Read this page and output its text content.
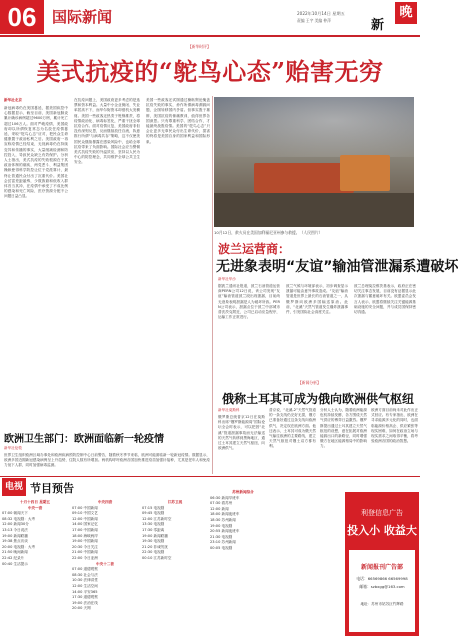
06	国际新闻	2022年10月14日 星期五
责编 王宇 美编 仲萍	新
晚
【新华时评】
美式抗疫的“鸵鸟心态”贻害无穷
新华社北京
新冠病毒仍在美国蔓延，据美国疾控中心数据显示，截至目前，美国新冠肺炎累计确诊病例超过9600万例，累计死亡超过106万人。面对严峻疫情，美国政府却以所谓恢复常态为名放任疫情蔓延，采取“鸵鸟心态”应对，把民众生命健康置于政治私利之后。美国政府一再宣称疫情已经结束，无视病毒仍在持续变异和传播的事实，大量削减检测和防控投入，导致民众缺乏有效保护。分析人士指出，美式抗疫的失败根源在于其政治体制的痼疾，两党恶斗、利益集团操纵使得科学防控让位于党派算计，最终让普通民众付出了沉重代价。美国社会贫富差距悬殊，少数族裔和低收入群体首当其冲，在疫情中承受了不成比例的感染和死亡风险，医疗资源分配不公问题日益凸显。
在抗疫问题上，美国政府更多考虑的是选票和资本利益。大量中小企业倒闭、失业率居高不下，而华尔街资本却借机大发横财。美国一些政客还热衷于甩锅推责，将疫情政治化、病毒标签化，严重干扰全球抗疫合作。面对疫情反复，美国政府非但没有深刻反思，反而继续放任自流，执意推行所谓“与病毒共存”策略，这不仅使美国民众继续暴露在感染风险中，也给全球抗疫带来了负面影响。国际社会应当警惕美式抗疫失败的外溢效应，坚持以人民为中心的防控理念，共同维护全球公共卫生安全。
美国一些政客还试图通过操纵舆论掩盖抗疫失败的事实，炒作所谓病毒溯源问题，企图转移国内矛盾。但事实胜于雄辩，美国抗疫的惨痛教训，值得世界各国深思。只有尊重科学、团结合作，才能最终战胜疫情。美国的“鸵鸟心态”只会让更多无辜民众付出生命代价，损害的终将是美国自身的国家利益和国际形象。
10月12日，救火员在美国加利福尼亚州参与救援。（人民图片）
欧洲卫生部门：欧洲面临新一轮疫情
新华社伦敦
世界卫生组织欧洲区域办事处和欧洲疾病预防控制中心日前警告，随着秋冬季节来临，欧洲可能面临新一轮新冠疫情。数据显示，欧洲多国近期新冠感染病例呈上升趋势，住院人数有所增加。两机构呼吁欧洲各国加快推进疫苗加强针接种，尤其是老年人和免疫力低下人群，同时加强病毒监测。
波兰运营商：
无进象表明“友谊”输油管泄漏系遭破坏
新华社华沙
据波兰通讯社报道，波兰石油管道运营商PERN公司12日说，该公司发现“友谊”输油管道波兰段出现泄漏，目前尚无迹象表明泄漏是人为破坏所致。PERN公司表示，泄漏点位于波兰中部城市普沃茨克附近，公司已启动应急程序，运输工作正常进行。
波兰气候与环境部表示，初步调查显示泄漏可能由意外事故造成。“友谊”输油管道是世界上最长的石油管道之一，从俄罗斯向欧洲多国输送原油。此前，“北溪”天然气管道发生爆炸泄漏事件，引发国际社会高度关注。
波兰总理莫拉维茨基表示，政府正在密切关注事态发展，目前没有证据显示此次泄漏与蓄意破坏有关。欧盟委员会发言人表示，欧盟将继续关注关键能源基础设施的安全问题，并与成员国保持密切沟通。
【新闻分析】
俄称土耳其可成为俄向欧洲供气枢纽
新华社莫斯科
俄罗斯总统普京12日在莫斯科出席“俄罗斯能源周”国际论坛全会时表示，可以把因“北溪”管道泄漏事故而无法输送的天然气转移到黑海地区，通过土耳其建立天然气枢纽，向欧洲供气。
普京说，“北溪-2”天然气管道的一条支线仍完好无损，俄方已准备好通过这条支线向欧洲供气，决定权在欧洲方面。他还表示，土耳其可成为俄天然气输往欧洲的主要路线，建立天然气枢纽对俄土双方都有利。
分析人士认为，随着欧洲能源危机持续发酵，各方围绕天然气供应的博弈日益激烈。俄罗斯提出通过土耳其建立天然气枢纽的设想，意在拓展对欧洲能源出口的新路径，同时增强俄方在地区能源格局中的影响力。
欧洲方面目前尚未对此作出正式回应。有专家指出，欧洲在寻求能源多元化的同时，也面临能源价格高企、供应紧张等现实困难，如何在政治立场与现实需求之间取得平衡，将考验欧洲各国的政治智慧。
电视 节目预告
十月十四日 星期五
中央一套
07:00 朝闻天下
08:32 电视剧：大考
12:00 新闻30分
13:13 今日说法
19:00 新闻联播
19:38 焦点访谈
20:00 电视剧：大考
21:50 晚间新闻
22:42 纪录片
00:40 生活提示
中央四套
07:00 中国新闻
09:10 中国文艺
12:00 中国新闻
14:00 国家记忆
17:00 中国新闻
18:00 海峡两岸
19:00 中国新闻
20:30 今日关注
21:00 中国新闻
22:00 今日亚洲
中央十二套
07:00 道德观察
08:30 社会与法
10:30 法律讲堂
12:00 生活空间
14:00 平安365
17:30 道德观察
19:00 法治在线
20:00 天网
江苏卫视
07:15 电视剧
09:45 电视剧
12:00 江苏新时空
13:30 电视剧
17:30 零距离
19:00 新闻联播
19:30 电视剧
21:20 非诚勿扰
22:30 电视剧
00:10 江苏新时空
苏州新闻综合
06:30 新闻早班车
07:30 看苏州
12:00 新闻
18:00 新闻夜班车
18:30 苏州新闻
19:00 电视剧
20:55 新闻夜班车
21:30 电视剧
23:10 苏州新闻
00:05 电视剧
利登信息广告
投入小 收益大
新闻报刊广告部
电话：66569866 66569998
邮箱：szbxgg@163.com
地址：苏州市姑苏区竹辉路
